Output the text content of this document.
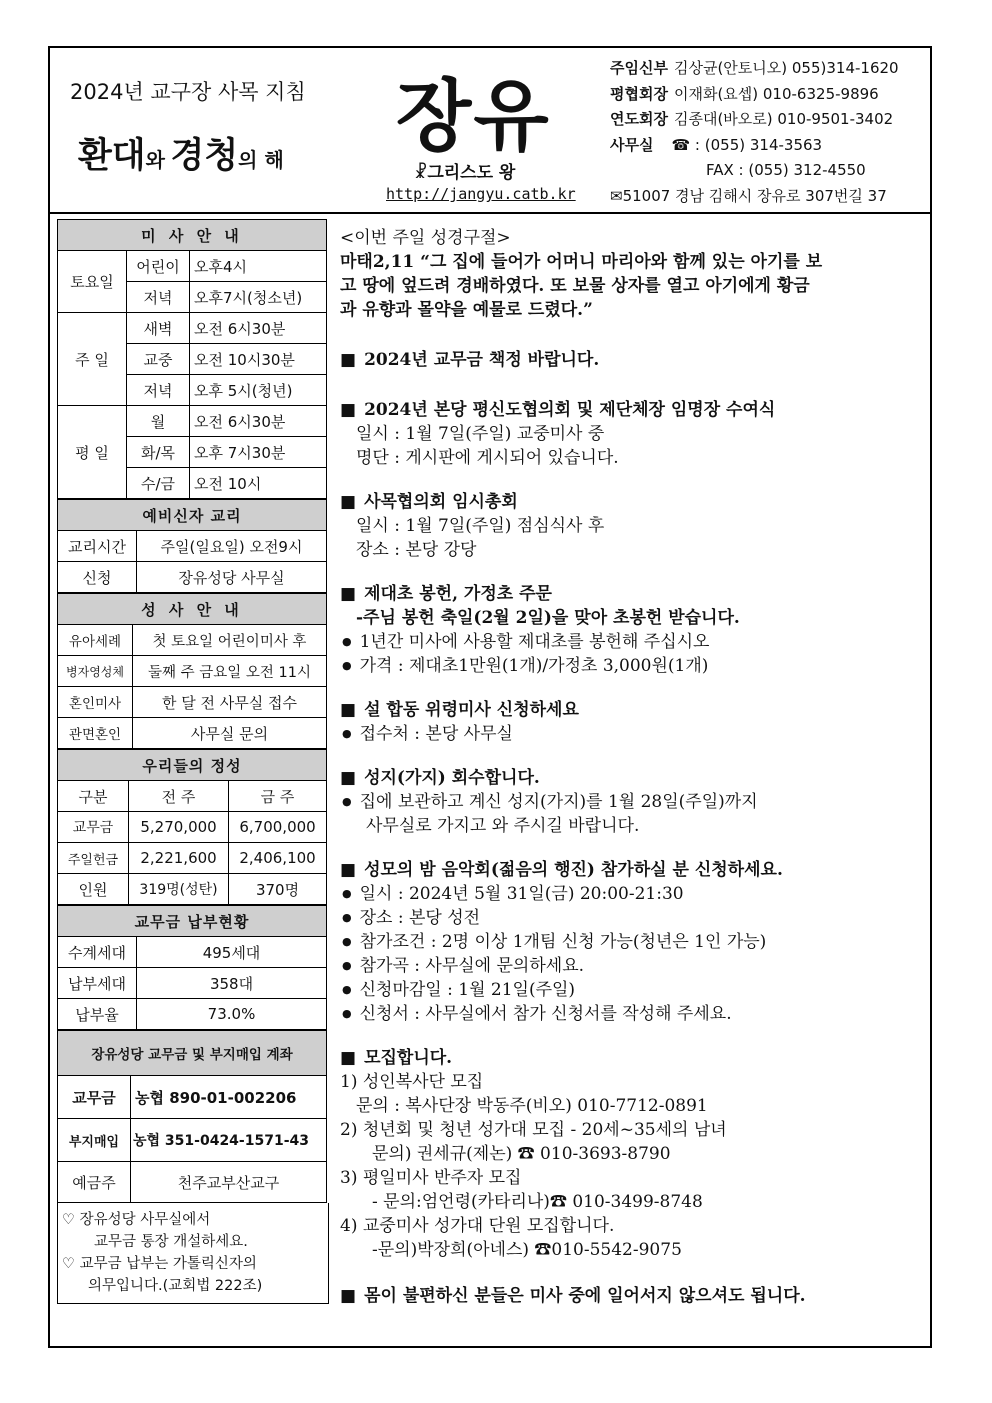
2024년 교구장 사목 지침
환대와 경청의 해 장유
☧그리스도 왕
http://jangyu.catb.kr
주임신부 김상균(안토니오) 055)314-1620
평협회장 이재화(요셉) 010-6325-9896
연도회장 김종대(바오로) 010-9501-3402
사무실 ☎ : (055) 314-3563
FAX : (055) 312-4550
✉51007 경남 김해시 장유로 307번길 37
미 사 안 내		
토요일	어린이	오후4시
	저녁	오후7시(청소년)
주 일	새벽	오전 6시30분
	교중	오전 10시30분
	저녁	오후 5시(청년)
평 일	월	오전 6시30분
	화/목	오후 7시30분
	수/금	오전 10시
예비신자 교리	
교리시간	주일(일요일) 오전9시
신청	장유성당 사무실
성 사 안 내	
유아세례	첫 토요일 어린이미사 후
병자영성체	둘째 주 금요일 오전 11시
혼인미사	한 달 전 사무실 접수
관면혼인	사무실 문의
우리들의 정성		
구분	전 주	금 주
교무금	5,270,000	6,700,000
주일헌금	2,221,600	2,406,100
인원	319명(성탄)	370명
교무금 납부현황	
수계세대	495세대
납부세대	358대
납부율	73.0%
장유성당 교무금 및 부지매입 계좌	
교무금	농협 890-01-002206
부지매입	농협 351-0424-1571-43
예금주	천주교부산교구
♡ 장유성당 사무실에서
교무금 통장 개설하세요.
♡ 교무금 납부는 가톨릭신자의
의무입니다.(교회법 222조)
<이번 주일 성경구절>
마태2,11 “그 집에 들어가 어머니 마리아와 함께 있는 아기를 보
고 땅에 엎드려 경배하였다. 또 보물 상자를 열고 아기에게 황금
과 유향과 몰약을 예물로 드렸다.”
■ 2024년 교무금 책정 바랍니다.
■ 2024년 본당 평신도협의회 및 제단체장 임명장 수여식
일시 : 1월 7일(주일) 교중미사 중
명단 : 게시판에 게시되어 있습니다.
■ 사목협의회 임시총회
일시 : 1월 7일(주일) 점심식사 후
장소 : 본당 강당
■ 제대초 봉헌, 가정초 주문
-주님 봉헌 축일(2월 2일)을 맞아 초봉헌 받습니다.
● 1년간 미사에 사용할 제대초를 봉헌해 주십시오
● 가격 : 제대초1만원(1개)/가정초 3,000원(1개)
■ 설 합동 위령미사 신청하세요
● 접수처 : 본당 사무실
■ 성지(가지) 회수합니다.
● 집에 보관하고 계신 성지(가지)를 1월 28일(주일)까지
사무실로 가지고 와 주시길 바랍니다.
■ 성모의 밤 음악회(젊음의 행진) 참가하실 분 신청하세요.
● 일시 : 2024년 5월 31일(금) 20:00-21:30
● 장소 : 본당 성전
● 참가조건 : 2명 이상 1개팀 신청 가능(청년은 1인 가능)
● 참가곡 : 사무실에 문의하세요.
● 신청마감일 : 1월 21일(주일)
● 신청서 : 사무실에서 참가 신청서를 작성해 주세요.
■ 모집합니다.
1) 성인복사단 모집
문의 : 복사단장 박동주(비오) 010-7712-0891
2) 청년회 및 청년 성가대 모집 - 20세~35세의 남녀
문의) 권세규(제논) ☎ 010-3693-8790
3) 평일미사 반주자 모집
- 문의:엄언령(카타리나)☎ 010-3499-8748
4) 교중미사 성가대 단원 모집합니다.
-문의)박장희(아네스) ☎010-5542-9075
■ 몸이 불편하신 분들은 미사 중에 일어서지 않으셔도 됩니다.
